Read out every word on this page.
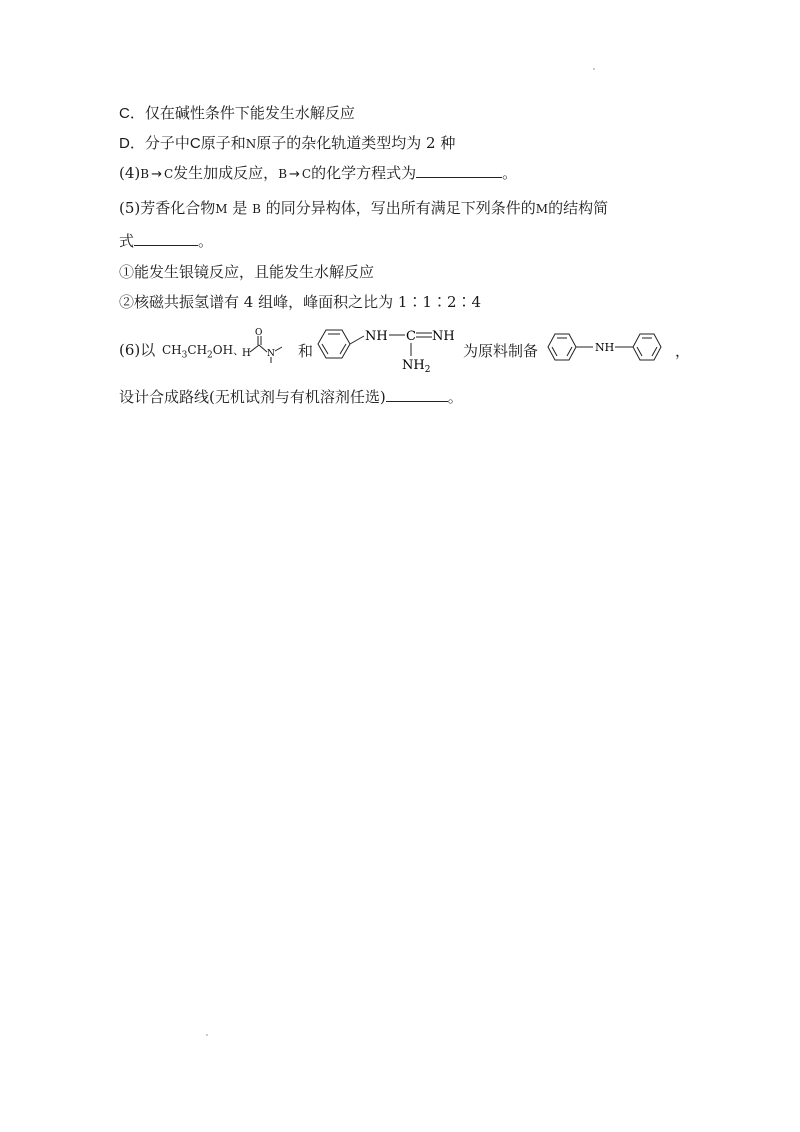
C．仅在碱性条件下能发生水解反应
D．分子中C原子和N原子的杂化轨道类型均为 2 种
(4)B → C发生加成反应，B → C的化学方程式为	。
(5)芳香化合物M 是 B 的同分异构体，写出所有满足下列条件的M的结构简
式	。
①能发生银镜反应，且能发生水解反应
②核磁共振氢谱有 4 组峰，峰面积之比为 1∶1∶2∶4
(6)以 $CH_3CH_2OH$、
H
O
N 和
NH C NH
$NH_2$
为原料制备	NH	，
设计合成路线(无机试剂与有机溶剂任选)	。
